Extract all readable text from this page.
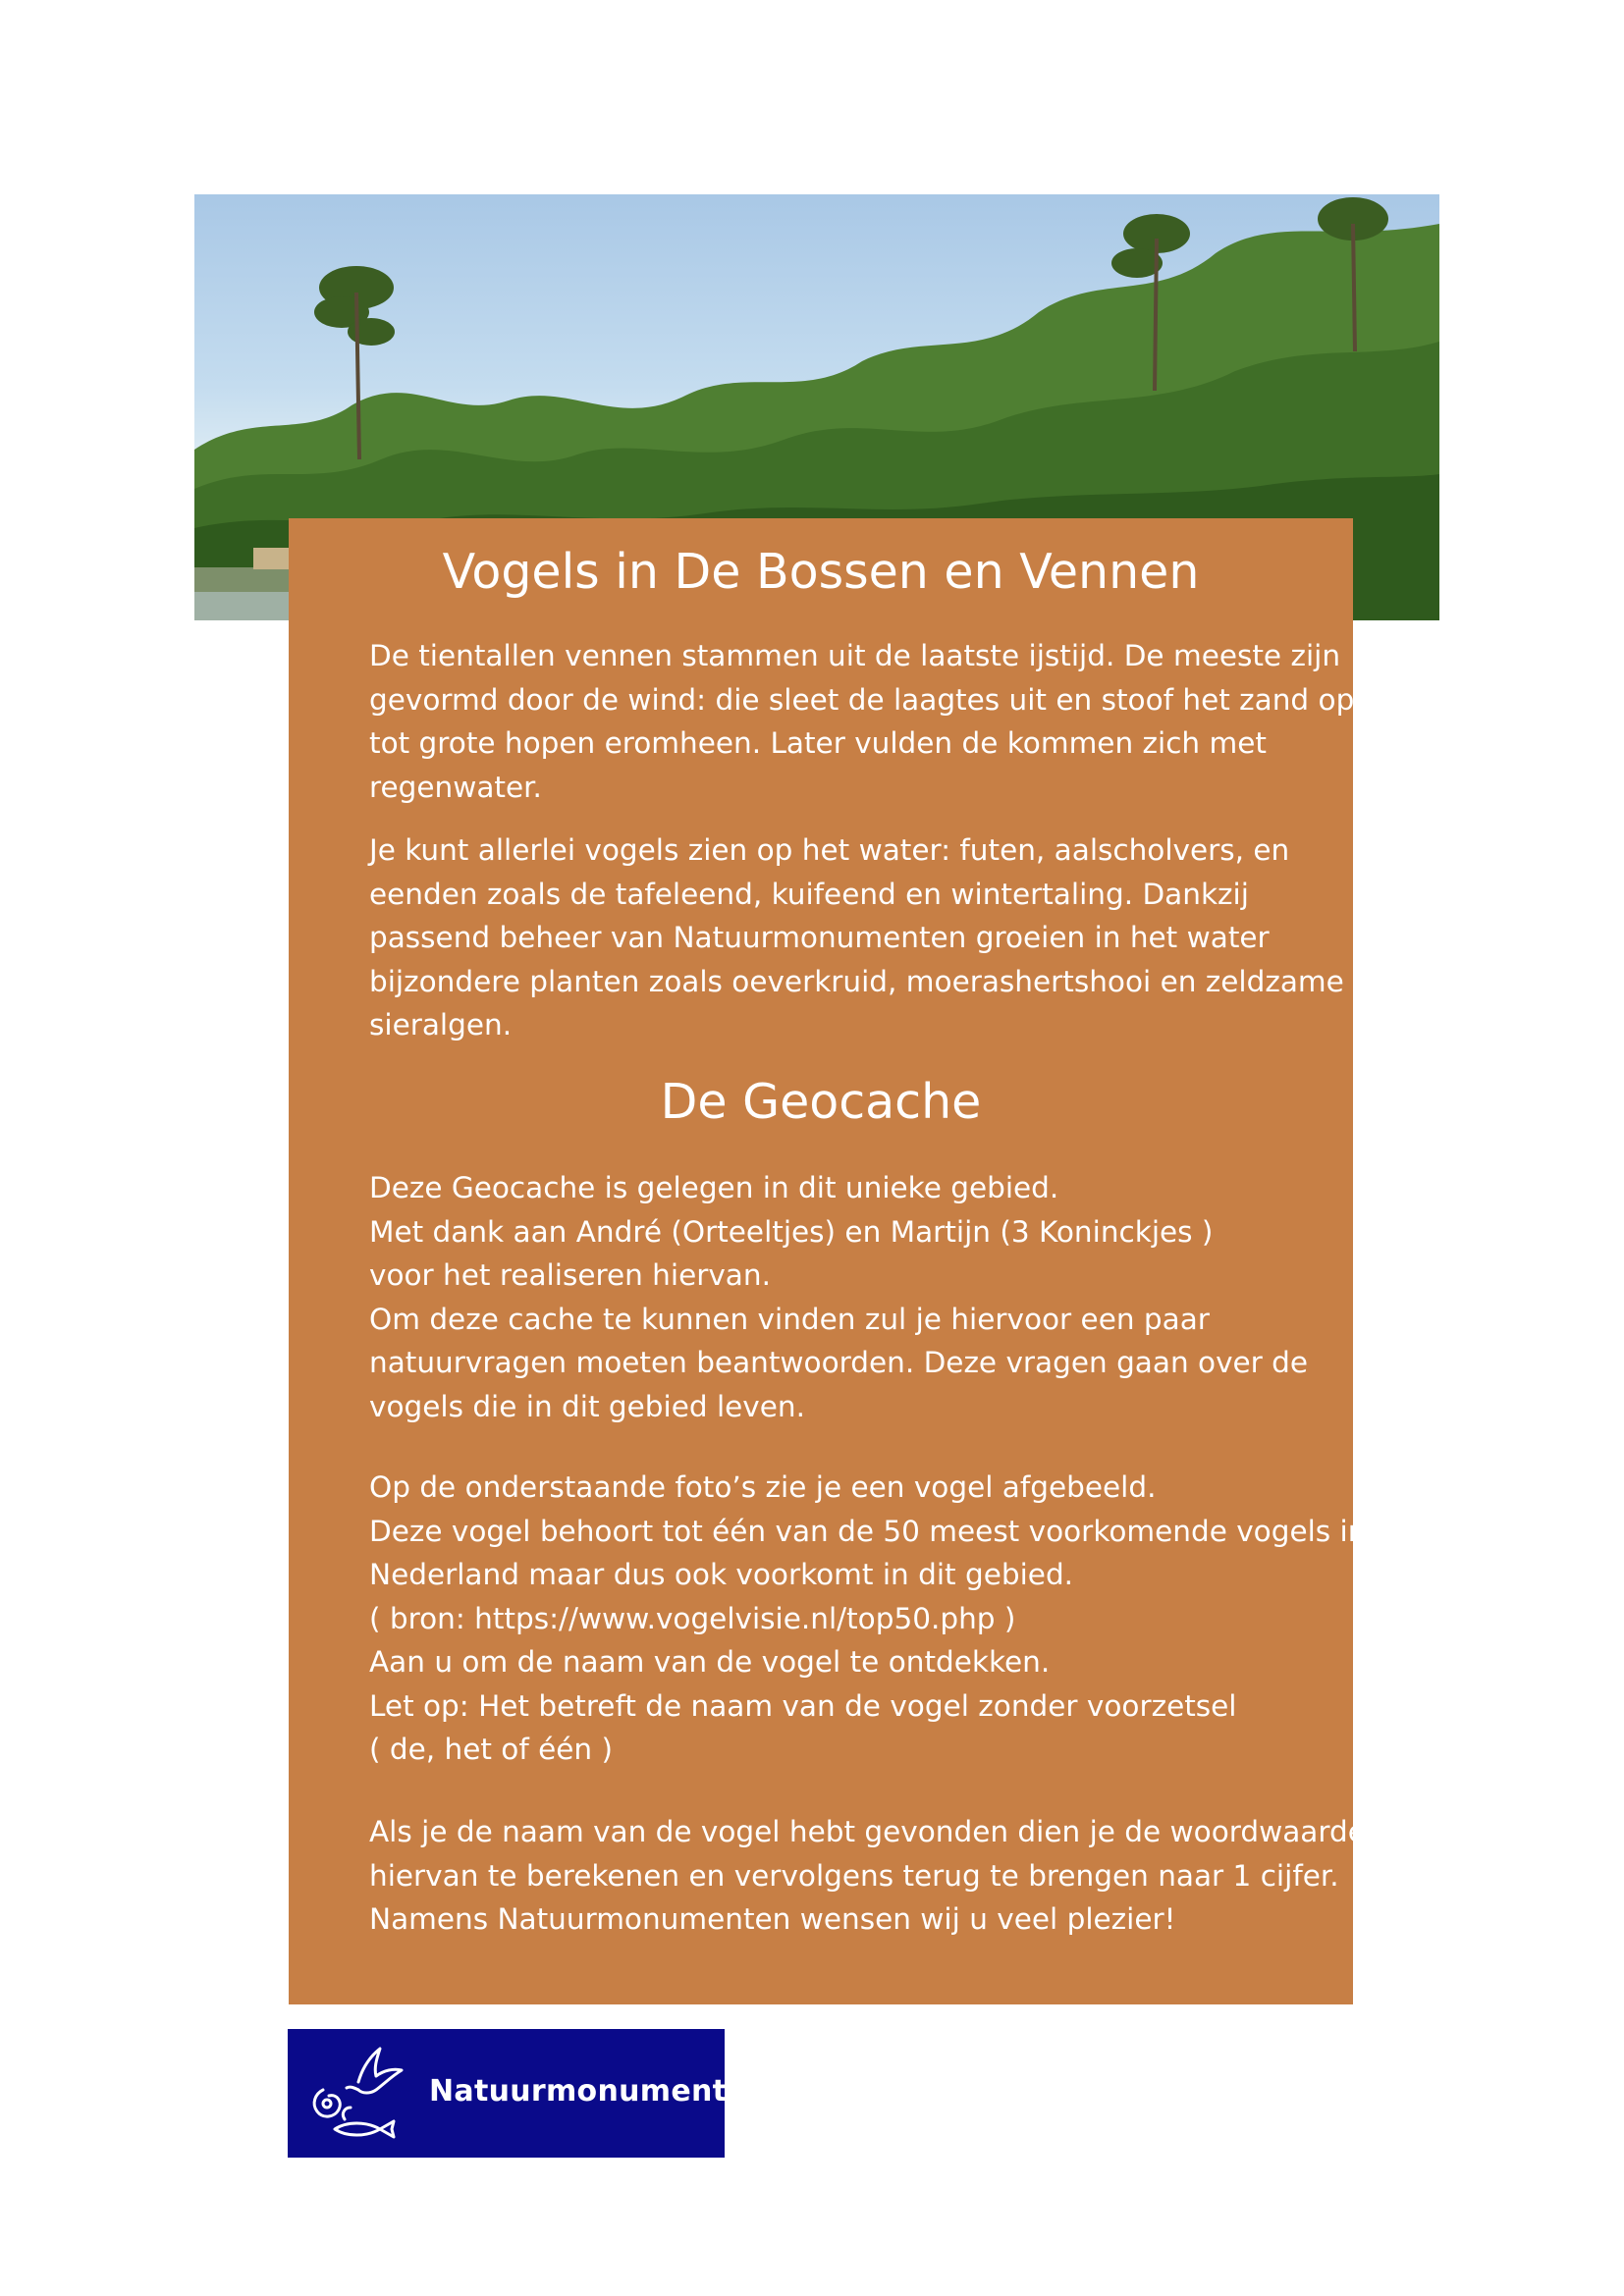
Vogels in De Bossen en Vennen

De tientallen vennen stammen uit de laatste ijstijd. De meeste zijn
gevormd door de wind: die sleet de laagtes uit en stoof het zand op
tot grote hopen eromheen. Later vulden de kommen zich met
regenwater.

Je kunt allerlei vogels zien op het water: futen, aalscholvers, en
eenden zoals de tafeleend, kuifeend en wintertaling. Dankzij
passend beheer van Natuurmonumenten groeien in het water
bijzondere planten zoals oeverkruid, moerashertshooi en zeldzame
sieralgen.

De Geocache

Deze Geocache is gelegen in dit unieke gebied.
Met dank aan André (Orteeltjes) en Martijn (3 Koninckjes )
voor het realiseren hiervan.
Om deze cache te kunnen vinden zul je hiervoor een paar
natuurvragen moeten beantwoorden. Deze vragen gaan over de
vogels die in dit gebied leven.

Op de onderstaande foto’s zie je een vogel afgebeeld.
Deze vogel behoort tot één van de 50 meest voorkomende vogels in
Nederland maar dus ook voorkomt in dit gebied.
( bron: https://www.vogelvisie.nl/top50.php )
Aan u om de naam van de vogel te ontdekken.
Let op: Het betreft de naam van de vogel zonder voorzetsel
( de, het of één )

Als je de naam van de vogel hebt gevonden dien je de woordwaarde
hiervan te berekenen en vervolgens terug te brengen naar 1 cijfer.
Namens Natuurmonumenten wensen wij u veel plezier!

Natuurmonumenten
